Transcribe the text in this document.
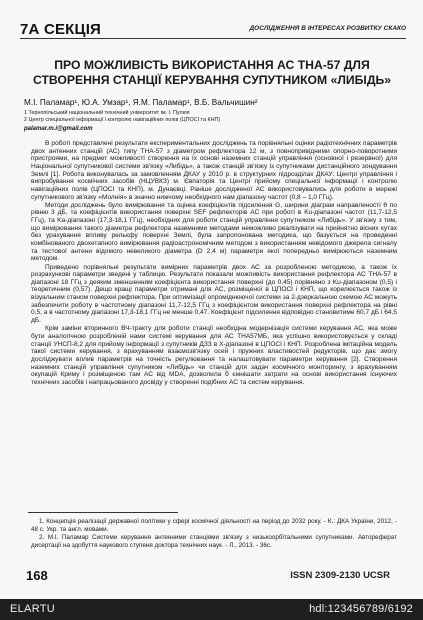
7А СЕКЦІЯ	ДОСЛІДЖЕННЯ В ІНТЕРЕСАХ РОЗВИТКУ СКАКО
ПРО МОЖЛИВІСТЬ ВИКОРИСТАННЯ АС ТНА-57 ДЛЯ СТВОРЕННЯ СТАНЦІЇ КЕРУВАННЯ СУПУТНИКОМ «ЛИБІДЬ»
М.І. Паламар¹, Ю.А. Умзар¹, Я.М. Паламар¹, В.Б. Вальчишин²
1 Тернопільський національний технічний університет ім. І. Пулюя
2 Центр спеціальної інформації і контролю навігаційних полів (ЦПОСІ та КНП)
palamar.m.i@gmail.com

В роботі представлені результати експериментальних досліджень та порівняльні оцінки радіотехнічних параметрів двох антенних станцій (АС) типу ТНА-57 з діаметром рефлектора 12 м, з повнопривідними опорно-поворотними пристроями, на предмет можливості створення на їх основі наземних станцій управління (основної і резервної) для Національної супутникової системи зв'язку «Либідь», а також станцій зв'язку із супутниками дистанційного зондування Землі [1]. Робота виконувалась за замовленням ДКАУ у 2010 р. в структурних підрозділах ДКАУ: Центрі управління і випробування космічних засобів (НЦУВКЗ) м. Євпаторія та Центрі прийому спеціальної інформації і контролю навігаційних полів (ЦПОСІ та КНП), м. Дунаєвці. Раніше дослідженої АС використовувались для роботи в мережі супутникового зв'язку «Молнія» в значно нижчому необхідного нам діапазону частот (0,8 – 1,0 ГГц).

Методи досліджень було вимірювання та оцінка коефіцієнтів підсилення G, ширини діаграм направленості θ по рівню 3 дБ, та коефіцієнтів використання поверхні SEF рефлекторів АС при роботі в Ku-діапазоні частот (11,7-12,5 ГГц), та Ka-діапазоні (17,3-18,1 ГГц), необхідних для роботи станцій управління супутником «Либідь». У зв'язку з тим, що вимірювання такого діаметра рефлектора наземними методами неможливо реалізувати на прийнятно вісних кутах без урахування впливу рельєфу поверхні Землі, була запропонована методика, що базується на проведенні комбінованого двохетапного вимірювання радіоастрономічним методом з використанням невідомого джерела сигналу та тестової антени відомого невеликого діаметра (D 2,4 м) параметри якої попередньо вимірюються наземним методом.

Приведено порівняльні результати вимірних параметрів двох АС за розробленою методикою, а також їх розрахункові параметри зведені у таблицю. Результати показали можливість використання рефлектора АС ТНА-57 в діапазоні 18 ГГц з деяким зменшенням коефіцієнта використання поверхні (до 0,45) порівняно з Ku-діапазоном (0,5) і теоретичним (0,57). Дещо кращі параметри отримані для АС, розміщеної в ЦПОСІ і КНП, що корелюється також із візуальним станом поверхні рефлектора. При оптимізації опроміднюючої системи за 2-дзеркальною схемою АС можуть забезпечити роботу в частотному діапазоні 11,7-12,5 ГГц з коефіцієнтом використання поверхні рефлектора на рівні 0,5, а в частотному діапазоні 17,3-18,1 ГГц не менше 0,47. Коефіцієнт підсилення відповідно становитиме 60,7 дБ і 64,5 дБ.

Крім заміни вторинного ВЧ-тракту для роботи станції необхідна модернізація системи керування АС, яка може бути аналогічною розробленій нами системі керування для АС ТНА57МБ, яка успішно використовується у складі станції УНСП-8,2 для прийому інформації з супутників ДЗЗ в X-діапазоні в ЦПОСІ і КНП. Розроблена імітаційна модель такої системи керування, з врахуванням взаємозв'язку осей і пружних властивостей редукторів, що дає змогу досліджувати вплив параметрів на точність регулювання та налаштовувати параметри керування [2]. Створення наземних станцій управління супутником «Либідь» чи станцій для задач космічного моніторингу, з врахуванням окупацій Криму і розміщеною там АС від МDA, дозволила б ємнішати затрати на основі використання існуючих технічних засобів і напрацьованого досвіду у створенні подібних АС та систем керування.

1. Концепція реалізації державної політики у сфері космічної діяльності на період до 2032 року. - К.: ДКА України, 2012, - 48 с. Укр. та англ. мовами.
2. М.І. Паламар Системи керування антенними станціями зв'язку з низькоорбітальними супутниками. Автореферат дисертації на здобуття наукового ступеня доктора технічних наук. - Л., 2013. - 36с.
168	ISSN 2309-2130 UCSR
ELARTU	hdl:123456789/6192
